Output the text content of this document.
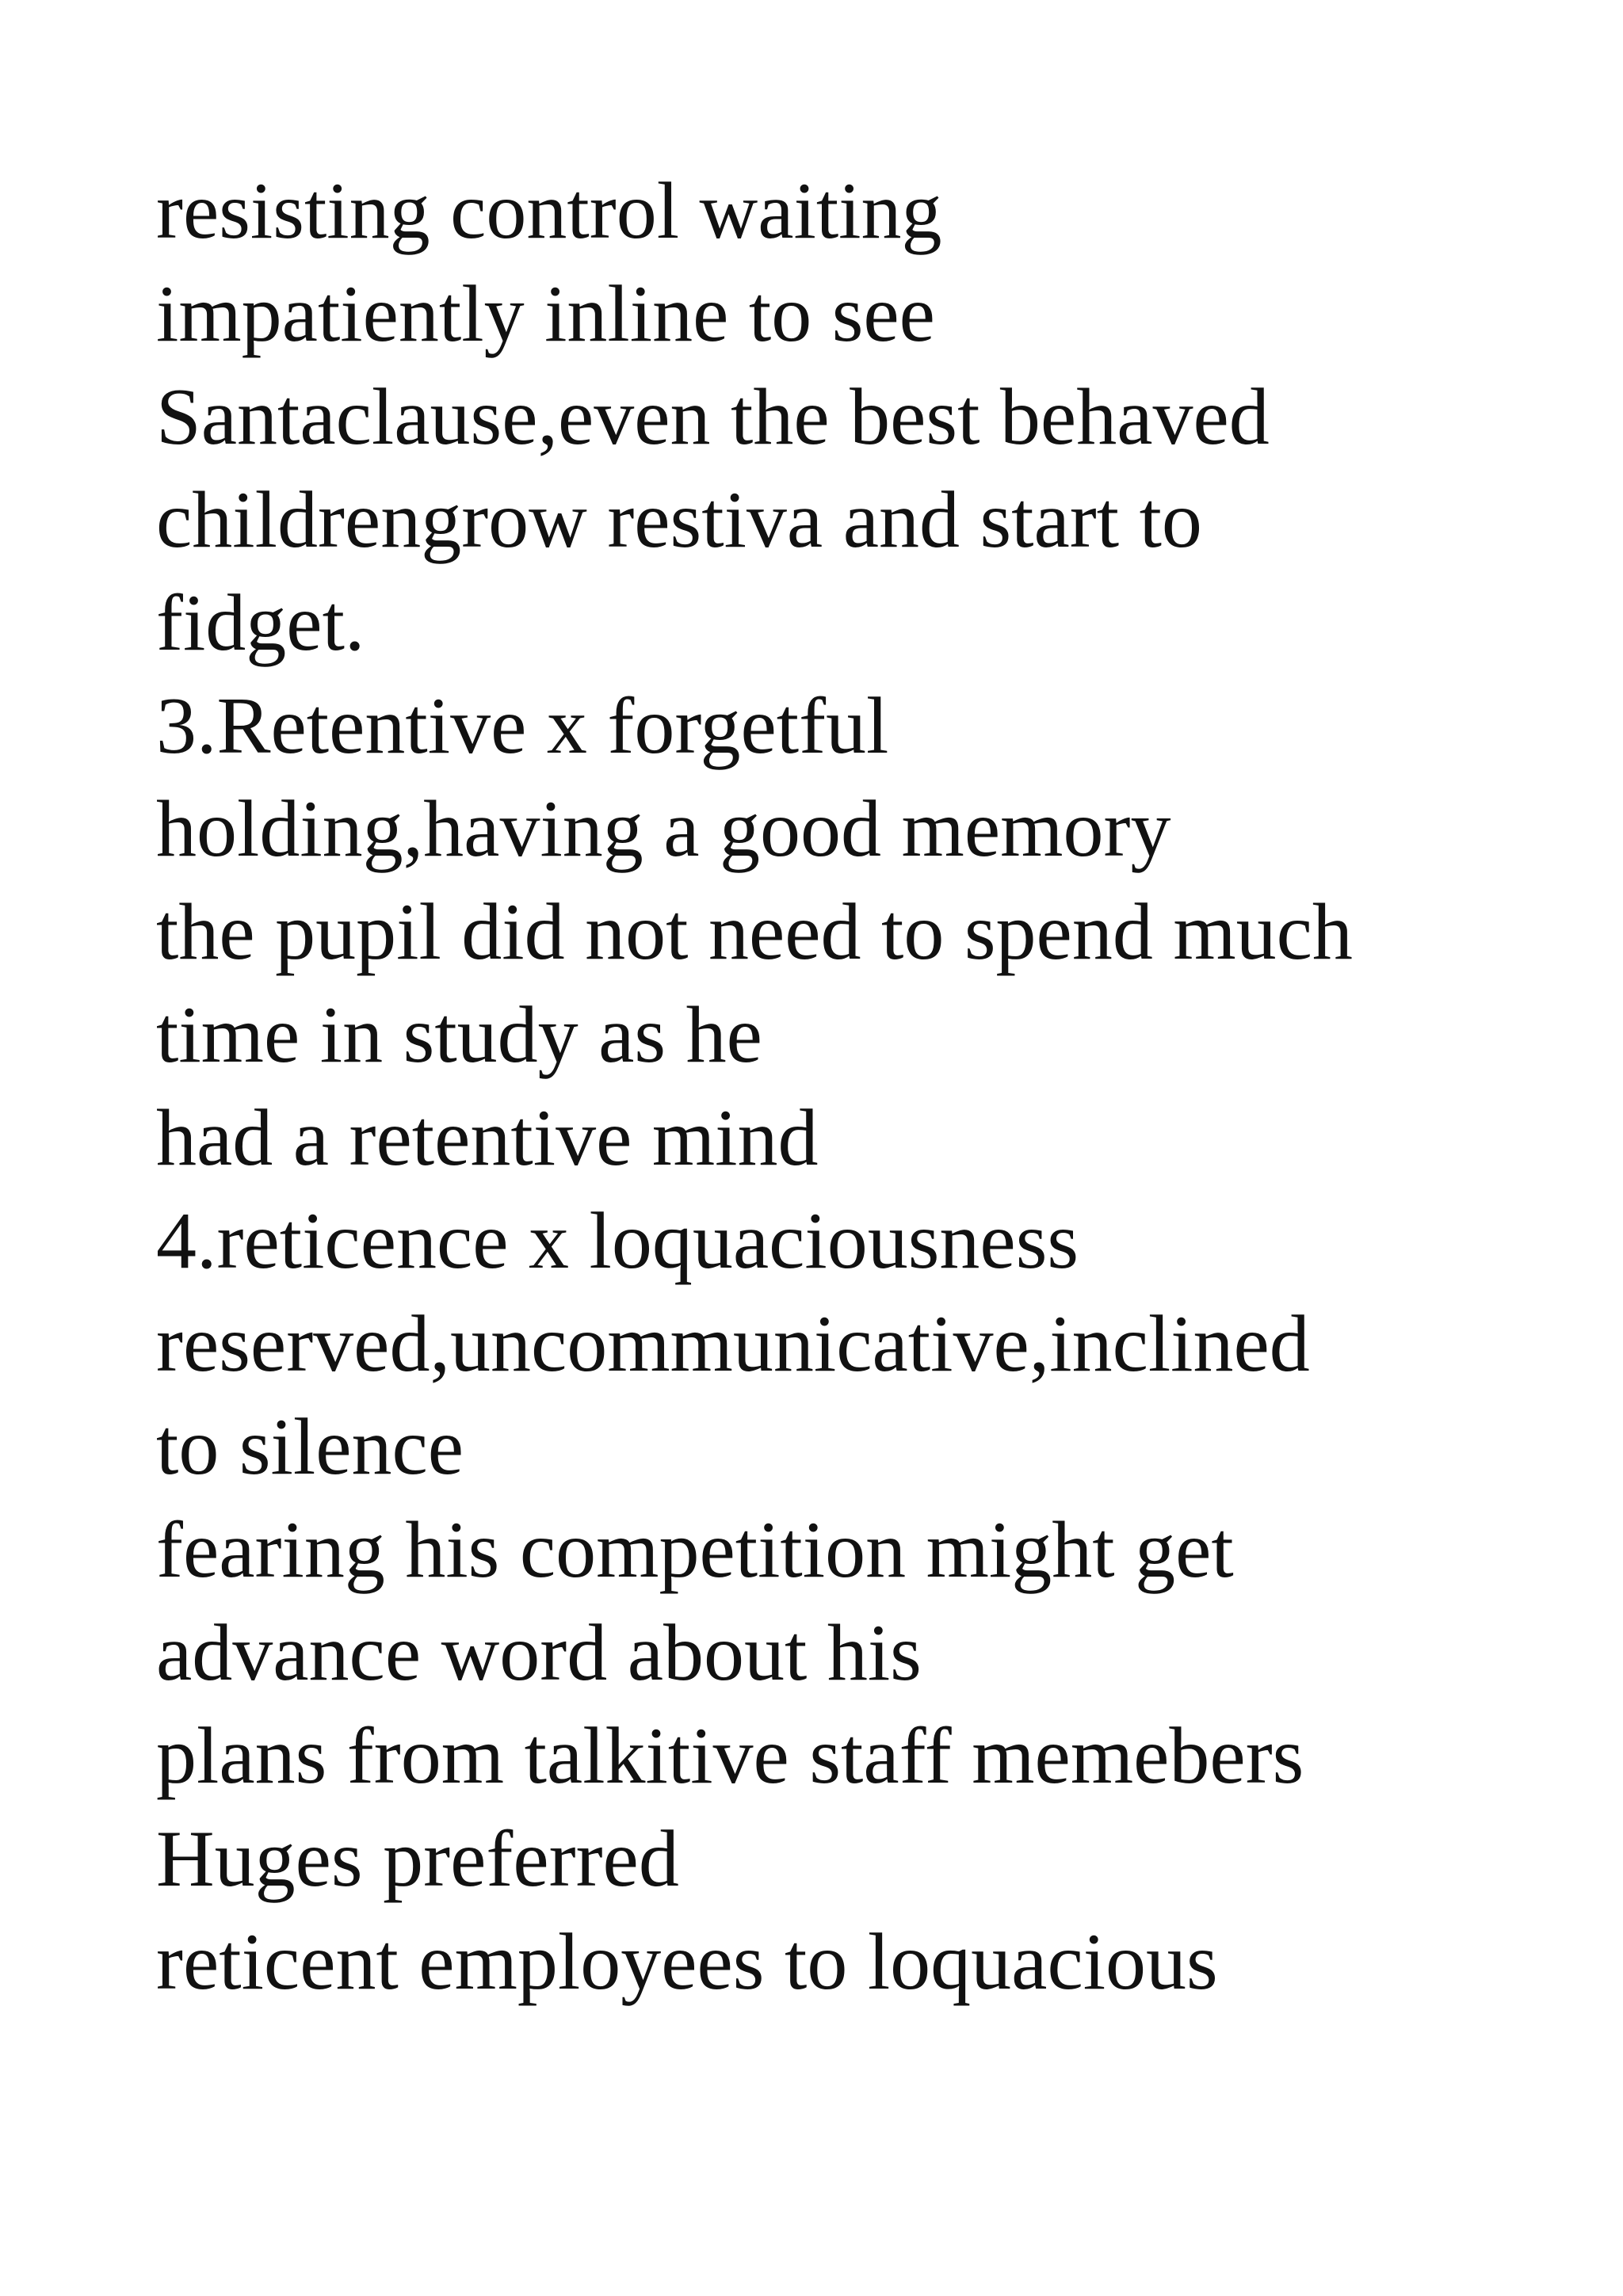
resisting control waiting
impatiently inline to see
Santaclause,even the best behaved
childrengrow restiva and start to
fidget.
3.Retentive x forgetful
holding,having a good memory
the pupil did not need to spend much
time in study as he
had a retentive mind
4.reticence x loquaciousness
reserved,uncommunicative,inclined
to silence
fearing his competition might get
advance word about his
plans from talkitive staff memebers
Huges preferred
reticent employees to loquacious
